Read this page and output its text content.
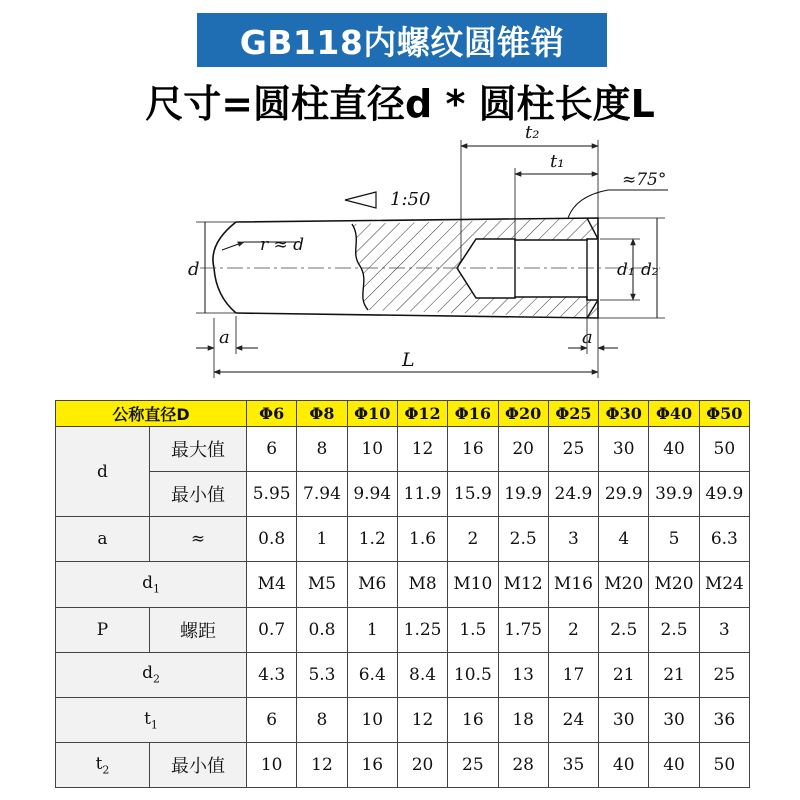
GB118内螺纹圆锥销
尺寸=圆柱直径d * 圆柱长度L
1:50
r ≈ d
d	d₁ d₂
t₂
t₁
≈75°
a	a
L
公称直径D		Φ6	Φ8	Φ10	Φ12	Φ16	Φ20	Φ25	Φ30	Φ40	Φ50
d	最大值	6	8	10	12	16	20	25	30	40	50
	最小值	5.95	7.94	9.94	11.9	15.9	19.9	24.9	29.9	39.9	49.9
a	≈	0.8	1	1.2	1.6	2	2.5	3	4	5	6.3
$d_1$		M4	M5	M6	M8	M10	M12	M16	M20	M20	M24
P	螺距	0.7	0.8	1	1.25	1.5	1.75	2	2.5	2.5	3
$d_2$		4.3	5.3	6.4	8.4	10.5	13	17	21	21	25
$t_1$		6	8	10	12	16	18	24	30	30	36
$t_2$	最小值	10	12	16	20	25	28	35	40	40	50
